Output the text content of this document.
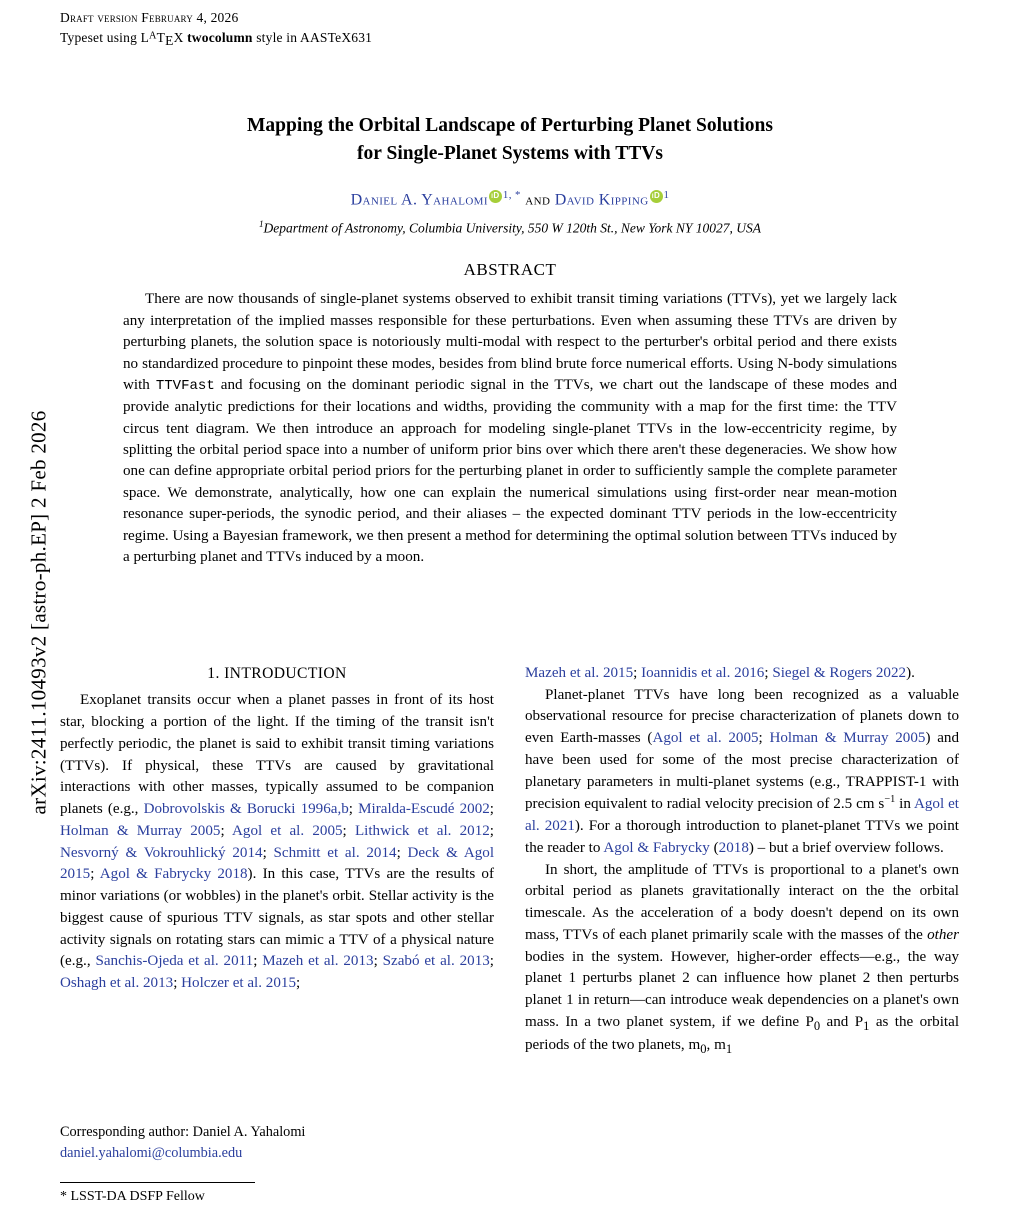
arXiv:2411.10493v2 [astro-ph.EP] 2 Feb 2026
Draft version February 4, 2026
Typeset using $L^ATEX$ twocolumn style in AASTeX631
Mapping the Orbital Landscape of Perturbing Planet Solutions
for Single-Planet Systems with TTVs
Daniel A. Yahalomi iD $^{1, *}$ and David Kipping iD $^1$
$^1$Department of Astronomy, Columbia University, 550 W 120th St., New York NY 10027, USA
ABSTRACT
There are now thousands of single-planet systems observed to exhibit transit timing variations (TTVs), yet we largely lack any interpretation of the implied masses responsible for these perturbations. Even when assuming these TTVs are driven by perturbing planets, the solution space is notoriously multi-modal with respect to the perturber's orbital period and there exists no standardized procedure to pinpoint these modes, besides from blind brute force numerical efforts. Using N-body simulations with TTVFast and focusing on the dominant periodic signal in the TTVs, we chart out the landscape of these modes and provide analytic predictions for their locations and widths, providing the community with a map for the first time: the TTV circus tent diagram. We then introduce an approach for modeling single-planet TTVs in the low-eccentricity regime, by splitting the orbital period space into a number of uniform prior bins over which there aren't these degeneracies. We show how one can define appropriate orbital period priors for the perturbing planet in order to sufficiently sample the complete parameter space. We demonstrate, analytically, how one can explain the numerical simulations using first-order near mean-motion resonance super-periods, the synodic period, and their aliases – the expected dominant TTV periods in the low-eccentricity regime. Using a Bayesian framework, we then present a method for determining the optimal solution between TTVs induced by a perturbing planet and TTVs induced by a moon.
1. INTRODUCTION

Exoplanet transits occur when a planet passes in front of its host star, blocking a portion of the light. If the timing of the transit isn't perfectly periodic, the planet is said to exhibit transit timing variations (TTVs). If physical, these TTVs are caused by gravitational interactions with other masses, typically assumed to be companion planets (e.g., Dobrovolskis & Borucki 1996a,b; Miralda-Escudé 2002; Holman & Murray 2005; Agol et al. 2005; Lithwick et al. 2012; Nesvorný & Vokrouhlický 2014; Schmitt et al. 2014; Deck & Agol 2015; Agol & Fabrycky 2018). In this case, TTVs are the results of minor variations (or wobbles) in the planet's orbit. Stellar activity is the biggest cause of spurious TTV signals, as star spots and other stellar activity signals on rotating stars can mimic a TTV of a physical nature (e.g., Sanchis-Ojeda et al. 2011; Mazeh et al. 2013; Szabó et al. 2013; Oshagh et al. 2013; Holczer et al. 2015;

Mazeh et al. 2015; Ioannidis et al. 2016; Siegel & Rogers 2022).

Planet-planet TTVs have long been recognized as a valuable observational resource for precise characterization of planets down to even Earth-masses (Agol et al. 2005; Holman & Murray 2005) and have been used for some of the most precise characterization of planetary parameters in multi-planet systems (e.g., TRAPPIST-1 with precision equivalent to radial velocity precision of 2.5 cm $s^{-1}$ in Agol et al. 2021). For a thorough introduction to planet-planet TTVs we point the reader to Agol & Fabrycky (2018) – but a brief overview follows.

In short, the amplitude of TTVs is proportional to a planet's own orbital period as planets gravitationally interact on the the orbital timescale. As the acceleration of a body doesn't depend on its own mass, TTVs of each planet primarily scale with the masses of the other bodies in the system. However, higher-order effects—e.g., the way planet 1 perturbs planet 2 can influence how planet 2 then perturbs planet 1 in return—can introduce weak dependencies on a planet's own mass. In a two planet system, if we define $P_0$ and $P_1$ as the orbital periods of the two planets, $m_0$, $m_1$

Corresponding author: Daniel A. Yahalomi
daniel.yahalomi@columbia.edu
* LSST-DA DSFP Fellow
